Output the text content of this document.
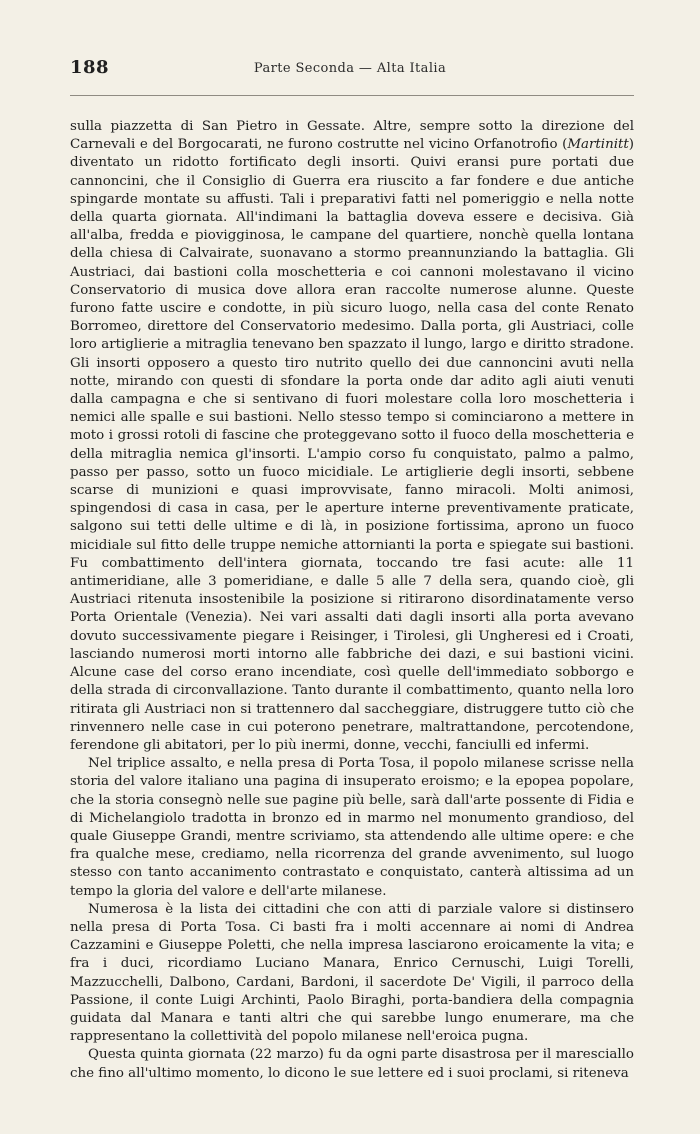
188	Parte Seconda — Alta Italia

sulla piazzetta di San Pietro in Gessate. Altre, sempre sotto la direzione del Carnevali e del Borgocarati, ne furono costrutte nel vicino Orfanotrofio (Martinitt) diventato un ridotto fortificato degli insorti. Quivi eransi pure portati due cannoncini, che il Consiglio di Guerra era riuscito a far fondere e due antiche spingarde montate su affusti. Tali i preparativi fatti nel pomeriggio e nella notte della quarta giornata. All'indimani la battaglia doveva essere e decisiva. Già all'alba, fredda e piovigginosa, le campane del quartiere, nonchè quella lontana della chiesa di Calvairate, suonavano a stormo preannunziando la battaglia. Gli Austriaci, dai bastioni colla moschetteria e coi cannoni molestavano il vicino Conservatorio di musica dove allora eran raccolte numerose alunne. Queste furono fatte uscire e condotte, in più sicuro luogo, nella casa del conte Renato Borromeo, direttore del Conservatorio medesimo. Dalla porta, gli Austriaci, colle loro artiglierie a mitraglia tenevano ben spazzato il lungo, largo e diritto stradone. Gli insorti opposero a questo tiro nutrito quello dei due cannoncini avuti nella notte, mirando con questi di sfondare la porta onde dar adito agli aiuti venuti dalla campagna e che si sentivano di fuori molestare colla loro moschetteria i nemici alle spalle e sui bastioni. Nello stesso tempo si cominciarono a mettere in moto i grossi rotoli di fascine che proteggevano sotto il fuoco della moschetteria e della mitraglia nemica gl'insorti. L'ampio corso fu conquistato, palmo a palmo, passo per passo, sotto un fuoco micidiale. Le artiglierie degli insorti, sebbene scarse di munizioni e quasi improvvisate, fanno miracoli. Molti animosi, spingendosi di casa in casa, per le aperture interne preventivamente praticate, salgono sui tetti delle ultime e di là, in posizione fortissima, aprono un fuoco micidiale sul fitto delle truppe nemiche attornianti la porta e spiegate sui bastioni. Fu combattimento dell'intera giornata, toccando tre fasi acute: alle 11 antimeridiane, alle 3 pomeridiane, e dalle 5 alle 7 della sera, quando cioè, gli Austriaci ritenuta insostenibile la posizione si ritirarono disordinatamente verso Porta Orientale (Venezia). Nei vari assalti dati dagli insorti alla porta avevano dovuto successivamente piegare i Reisinger, i Tirolesi, gli Ungheresi ed i Croati, lasciando numerosi morti intorno alle fabbriche dei dazi, e sui bastioni vicini. Alcune case del corso erano incendiate, così quelle dell'immediato sobborgo e della strada di circonvallazione. Tanto durante il combattimento, quanto nella loro ritirata gli Austriaci non si trattennero dal saccheggiare, distruggere tutto ciò che rinvennero nelle case in cui poterono penetrare, maltrattandone, percotendone, ferendone gli abitatori, per lo più inermi, donne, vecchi, fanciulli ed infermi.

Nel triplice assalto, e nella presa di Porta Tosa, il popolo milanese scrisse nella storia del valore italiano una pagina di insuperato eroismo; e la epopea popolare, che la storia consegnò nelle sue pagine più belle, sarà dall'arte possente di Fidia e di Michelangiolo tradotta in bronzo ed in marmo nel monumento grandioso, del quale Giuseppe Grandi, mentre scriviamo, sta attendendo alle ultime opere: e che fra qualche mese, crediamo, nella ricorrenza del grande avvenimento, sul luogo stesso con tanto accanimento contrastato e conquistato, canterà altissima ad un tempo la gloria del valore e dell'arte milanese.

Numerosa è la lista dei cittadini che con atti di parziale valore si distinsero nella presa di Porta Tosa. Ci basti fra i molti accennare ai nomi di Andrea Cazzamini e Giuseppe Poletti, che nella impresa lasciarono eroicamente la vita; e fra i duci, ricordiamo Luciano Manara, Enrico Cernuschi, Luigi Torelli, Mazzucchelli, Dalbono, Cardani, Bardoni, il sacerdote De' Vigili, il parroco della Passione, il conte Luigi Archinti, Paolo Biraghi, porta-bandiera della compagnia guidata dal Manara e tanti altri che qui sarebbe lungo enumerare, ma che rappresentano la collettività del popolo milanese nell'eroica pugna.

Questa quinta giornata (22 marzo) fu da ogni parte disastrosa per il maresciallo che fino all'ultimo momento, lo dicono le sue lettere ed i suoi proclami, si riteneva
